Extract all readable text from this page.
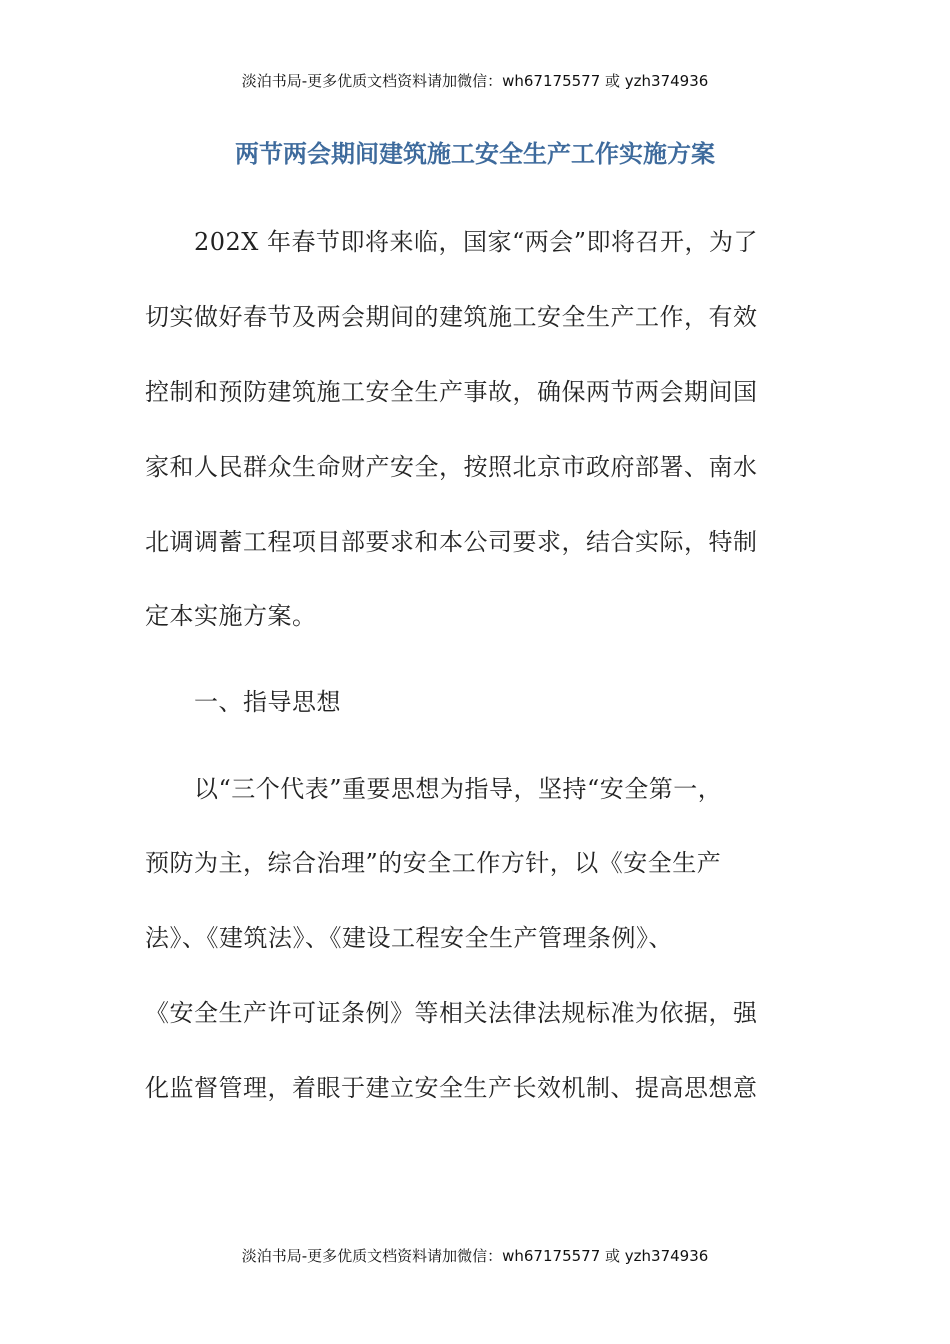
淡泊书局-更多优质文档资料请加微信：wh67175577 或 yzh374936
两节两会期间建筑施工安全生产工作实施方案
　　202X 年春节即将来临，国家“两会”即将召开，为了
切实做好春节及两会期间的建筑施工安全生产工作，有效
控制和预防建筑施工安全生产事故，确保两节两会期间国
家和人民群众生命财产安全，按照北京市政府部署、南水
北调调蓄工程项目部要求和本公司要求，结合实际，特制
定本实施方案。
　　一、指导思想
　　以“三个代表”重要思想为指导，坚持“安全第一，
预防为主，综合治理”的安全工作方针，以《安全生产
法》、《建筑法》、《建设工程安全生产管理条例》、
《安全生产许可证条例》等相关法律法规标准为依据，强
化监督管理，着眼于建立安全生产长效机制、提高思想意
淡泊书局-更多优质文档资料请加微信：wh67175577 或 yzh374936
